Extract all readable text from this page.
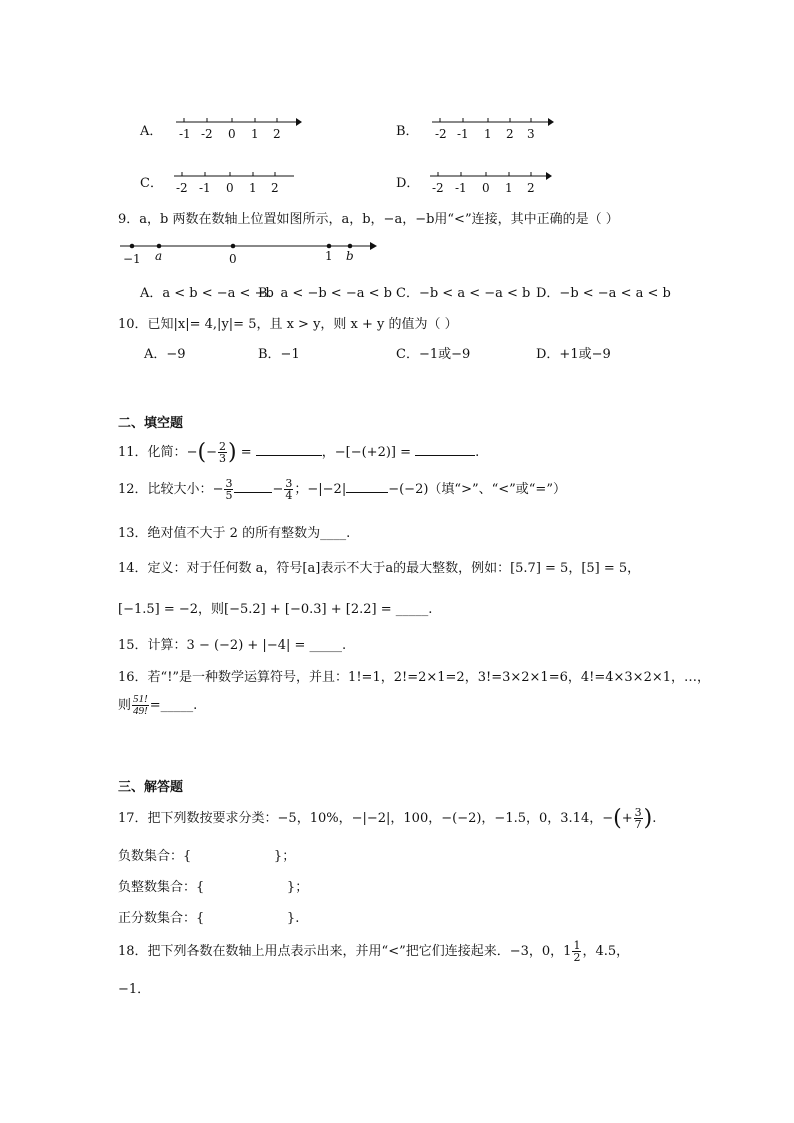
A． -1 -2 0 1 2	B． -2 -1 1 2 3
C． -2 -1 0 1 2	D． -2 -1 0 1 2
9．a，b 两数在数轴上位置如图所示，a，b，−a，−b用“<”连接，其中正确的是（ ）
−1 a	0	1 b
A．a < b < −a < −b
B．a < −b < −a < b C．−b < a < −a < b D．−b < −a < a < b
10．已知|x|= 4,|y|= 5，且 x > y，则 x + y 的值为（ ）
A．−9	B．−1	C．−1或−9	D．+1或−9
二、填空题
11．化简：−(− $\frac{2}{3}$ ) =	，−[−(+2)] =	.
12．比较大小：− $\frac{3}{5}$	− $\frac{3}{4}$ ；−|−2|	−(−2)（填“>”、“<”或“=”）
13．绝对值不大于 2 的所有整数为____.
14．定义：对于任何数 a，符号[a]表示不大于a的最大整数，例如：[5.7] = 5，[5] = 5，
[−1.5] = −2，则[−5.2] + [−0.3] + [2.2] = _____.
15．计算：3 − (−2) + |−4| = _____.
16．若“!”是一种数学运算符号，并且：1!=1，2!=2×1=2，3!=3×2×1=6，4!=4×3×2×1，…，
则 $\frac{51!}{49!}$ =_____.
三、解答题
17．把下列数按要求分类：−5，10%，−|−2|，100，−(−2)，−1.5，0，3.14，−(+ $\frac{3}{7}$ ).
负数集合：{                    }；
负整数集合：{                    }；
正分数集合：{                    }.
18．把下列各数在数轴上用点表示出来，并用“<”把它们连接起来．−3，0，$1 \frac{1}{2}$ ，4.5，
−1．
